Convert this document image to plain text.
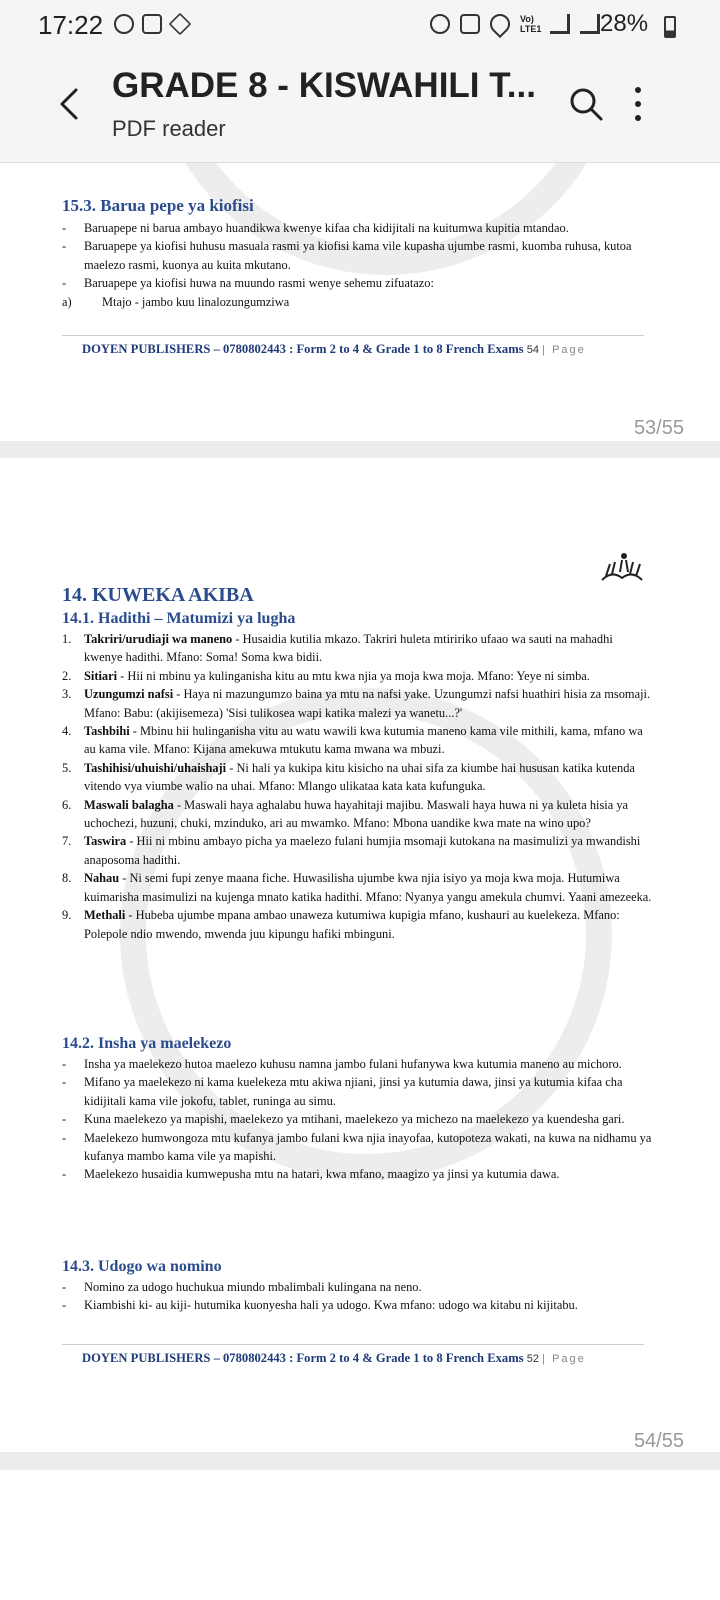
17:22	Vo)
LTE1 28%
GRADE 8 - KISWAHILI T...
PDF reader
15.3. Barua pepe ya kiofisi
- Baruapepe ni barua ambayo huandikwa kwenye kifaa cha kidijitali na kuitumwa kupitia mtandao.
- Baruapepe ya kiofisi huhusu masuala rasmi ya kiofisi kama vile kupasha ujumbe rasmi, kuomba ruhusa, kutoa maelezo rasmi, kuonya au kuita mkutano.
- Baruapepe ya kiofisi huwa na muundo rasmi wenye sehemu zifuatazo:
a) Mtajo - jambo kuu linalozungumziwa
DOYEN PUBLISHERS – 0780802443 : Form 2 to 4 & Grade 1 to 8 French Exams 54 | Page
53/55
14. KUWEKA AKIBA
14.1. Hadithi – Matumizi ya lugha
1. Takriri/urudiaji wa maneno - Husaidia kutilia mkazo. Takriri huleta mtiririko ufaao wa sauti na mahadhi kwenye hadithi. Mfano: Soma! Soma kwa bidii.
2. Sitiari - Hii ni mbinu ya kulinganisha kitu au mtu kwa njia ya moja kwa moja. Mfano: Yeye ni simba.
3. Uzungumzi nafsi - Haya ni mazungumzo baina ya mtu na nafsi yake. Uzungumzi nafsi huathiri hisia za msomaji. Mfano: Babu: (akijisemeza) 'Sisi tulikosea wapi katika malezi ya wanetu...?'
4. Tashbihi - Mbinu hii hulinganisha vitu au watu wawili kwa kutumia maneno kama vile mithili, kama, mfano wa au kama vile. Mfano: Kijana amekuwa mtukutu kama mwana wa mbuzi.
5. Tashihisi/uhuishi/uhaishaji - Ni hali ya kukipa kitu kisicho na uhai sifa za kiumbe hai hususan katika kutenda vitendo vya viumbe walio na uhai. Mfano: Mlango ulikataa kata kata kufunguka.
6. Maswali balagha - Maswali haya aghalabu huwa hayahitaji majibu. Maswali haya huwa ni ya kuleta hisia ya uchochezi, huzuni, chuki, mzinduko, ari au mwamko. Mfano: Mbona uandike kwa mate na wino upo?
7. Taswira - Hii ni mbinu ambayo picha ya maelezo fulani humjia msomaji kutokana na masimulizi ya mwandishi anaposoma hadithi.
8. Nahau - Ni semi fupi zenye maana fiche. Huwasilisha ujumbe kwa njia isiyo ya moja kwa moja. Hutumiwa kuimarisha masimulizi na kujenga mnato katika hadithi. Mfano: Nyanya yangu amekula chumvi. Yaani amezeeka.
9. Methali - Hubeba ujumbe mpana ambao unaweza kutumiwa kupigia mfano, kushauri au kuelekeza. Mfano: Polepole ndio mwendo, mwenda juu kipungu hafiki mbinguni.
14.2. Insha ya maelekezo
- Insha ya maelekezo hutoa maelezo kuhusu namna jambo fulani hufanywa kwa kutumia maneno au michoro.
- Mifano ya maelekezo ni kama kuelekeza mtu akiwa njiani, jinsi ya kutumia dawa, jinsi ya kutumia kifaa cha kidijitali kama vile jokofu, tablet, runinga au simu.
- Kuna maelekezo ya mapishi, maelekezo ya mtihani, maelekezo ya michezo na maelekezo ya kuendesha gari.
- Maelekezo humwongoza mtu kufanya jambo fulani kwa njia inayofaa, kutopoteza wakati, na kuwa na nidhamu ya kufanya mambo kama vile ya mapishi.
- Maelekezo husaidia kumwepusha mtu na hatari, kwa mfano, maagizo ya jinsi ya kutumia dawa.
14.3. Udogo wa nomino
- Nomino za udogo huchukua miundo mbalimbali kulingana na neno.
- Kiambishi ki- au kiji- hutumika kuonyesha hali ya udogo. Kwa mfano: udogo wa kitabu ni kijitabu.
DOYEN PUBLISHERS – 0780802443 : Form 2 to 4 & Grade 1 to 8 French Exams 52 | Page
54/55
